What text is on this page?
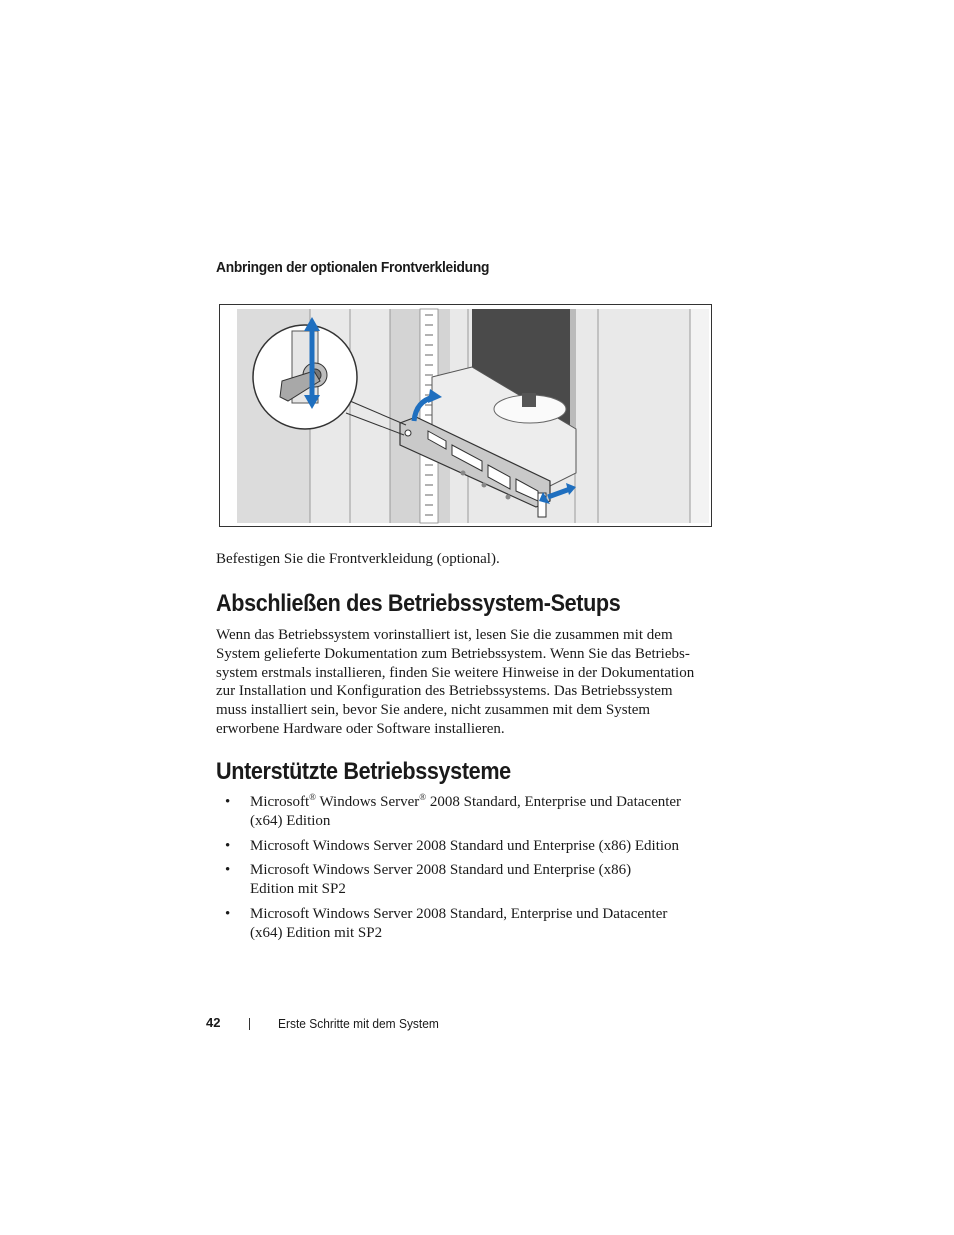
Anbringen der optionalen Frontverkleidung
Befestigen Sie die Frontverkleidung (optional).
Abschließen des Betriebssystem-Setups

Wenn das Betriebssystem vorinstalliert ist, lesen Sie die zusammen mit dem
System gelieferte Dokumentation zum Betriebssystem. Wenn Sie das Betriebs-
system erstmals installieren, finden Sie weitere Hinweise in der Dokumentation
zur Installation und Konfiguration des Betriebssystems. Das Betriebssystem
muss installiert sein, bevor Sie andere, nicht zusammen mit dem System
erworbene Hardware oder Software installieren.

Unterstützte Betriebssysteme
• Microsoft® Windows Server® 2008 Standard, Enterprise und Datacenter
(x64) Edition
• Microsoft Windows Server 2008 Standard und Enterprise (x86) Edition
• Microsoft Windows Server 2008 Standard und Enterprise (x86)
Edition mit SP2
• Microsoft Windows Server 2008 Standard, Enterprise und Datacenter
(x64) Edition mit SP2
42	Erste Schritte mit dem System
